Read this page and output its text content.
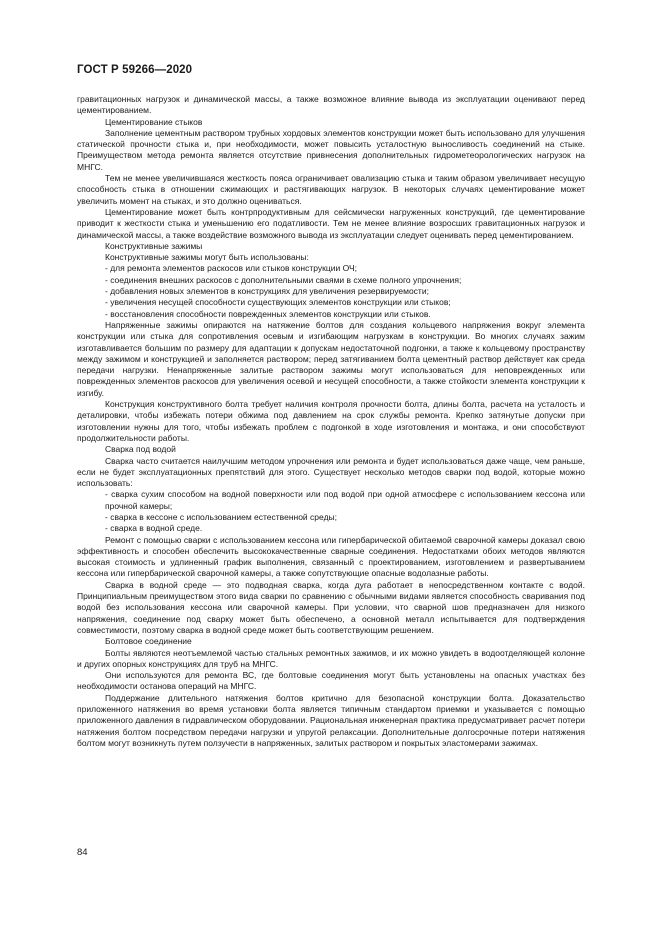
ГОСТ Р 59266—2020

гравитационных нагрузок и динамической массы, а также возможное влияние вывода из эксплуатации оценивают перед цементированием.

Цементирование стыков

Заполнение цементным раствором трубных хордовых элементов конструкции может быть использовано для улучшения статической прочности стыка и, при необходимости, может повысить усталостную выносливость соединений на стыке. Преимуществом метода ремонта является отсутствие привнесения дополнительных гидрометеорологических нагрузок на МНГС.

Тем не менее увеличившаяся жесткость пояса ограничивает овализацию стыка и таким образом увеличивает несущую способность стыка в отношении сжимающих и растягивающих нагрузок. В некоторых случаях цементирование может увеличить момент на стыках, и это должно оцениваться.

Цементирование может быть контрпродуктивным для сейсмически нагруженных конструкций, где цементирование приводит к жесткости стыка и уменьшению его податливости. Тем не менее влияние возросших гравитационных нагрузок и динамической массы, а также воздействие возможного вывода из эксплуатации следует оценивать перед цементированием.

Конструктивные зажимы

Конструктивные зажимы могут быть использованы:

- для ремонта элементов раскосов или стыков конструкции ОЧ;

- соединения внешних раскосов с дополнительными сваями в схеме полного упрочнения;

- добавления новых элементов в конструкциях для увеличения резервируемости;

- увеличения несущей способности существующих элементов конструкции или стыков;

- восстановления способности поврежденных элементов конструкции или стыков.

Напряженные зажимы опираются на натяжение болтов для создания кольцевого напряжения вокруг элемента конструкции или стыка для сопротивления осевым и изгибающим нагрузкам в конструкции. Во многих случаях зажим изготавливается большим по размеру для адаптации к допускам недостаточной подгонки, а также к кольцевому пространству между зажимом и конструкцией и заполняется раствором; перед затягиванием болта цементный раствор действует как среда передачи нагрузки. Ненапряженные залитые раствором зажимы могут использоваться для неповрежденных или поврежденных элементов раскосов для увеличения осевой и несущей способности, а также стойкости элемента конструкции к изгибу.

Конструкция конструктивного болта требует наличия контроля прочности болта, длины болта, расчета на усталость и деталировки, чтобы избежать потери обжима под давлением на срок службы ремонта. Крепко затянутые допуски при изготовлении нужны для того, чтобы избежать проблем с подгонкой в ходе изготовления и монтажа, и они способствуют продолжительности работы.

Сварка под водой

Сварка часто считается наилучшим методом упрочнения или ремонта и будет использоваться даже чаще, чем раньше, если не будет эксплуатационных препятствий для этого. Существует несколько методов сварки под водой, которые можно использовать:

- сварка сухим способом на водной поверхности или под водой при одной атмосфере с использованием кессона или прочной камеры;

- сварка в кессоне с использованием естественной среды;

- сварка в водной среде.

Ремонт с помощью сварки с использованием кессона или гипербарической обитаемой сварочной камеры доказал свою эффективность и способен обеспечить высококачественные сварные соединения. Недостатками обоих методов являются высокая стоимость и удлиненный график выполнения, связанный с проектированием, изготовлением и развертыванием кессона или гипербарической сварочной камеры, а также сопутствующие опасные водолазные работы.

Сварка в водной среде — это подводная сварка, когда дуга работает в непосредственном контакте с водой. Принципиальным преимуществом этого вида сварки по сравнению с обычными видами является способность сваривания под водой без использования кессона или сварочной камеры. При условии, что сварной шов предназначен для низкого напряжения, соединение под сварку может быть обеспечено, а основной металл испытывается для подтверждения совместимости, поэтому сварка в водной среде может быть соответствующим решением.

Болтовое соединение

Болты являются неотъемлемой частью стальных ремонтных зажимов, и их можно увидеть в водоотделяющей колонне и других опорных конструкциях для труб на МНГС.

Они используются для ремонта ВС, где болтовые соединения могут быть установлены на опасных участках без необходимости останова операций на МНГС.

Поддержание длительного натяжения болтов критично для безопасной конструкции болта. Доказательство приложенного натяжения во время установки болта является типичным стандартом приемки и указывается с помощью приложенного давления в гидравлическом оборудовании. Рациональная инженерная практика предусматривает расчет потери натяжения болтом посредством передачи нагрузки и упругой релаксации. Дополнительные долгосрочные потери натяжения болтом могут возникнуть путем ползучести в напряженных, залитых раствором и покрытых эластомерами зажимах.

84
